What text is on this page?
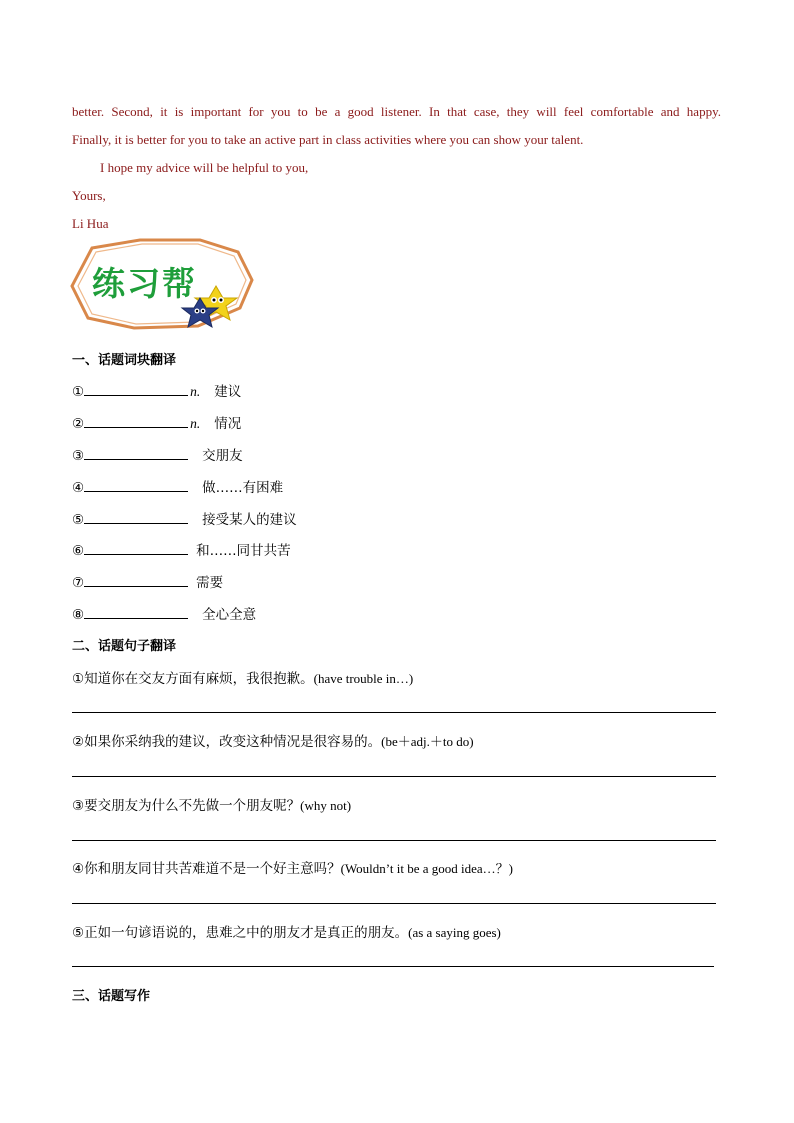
better. Second, it is important for you to be a good listener. In that case, they will feel comfortable and happy.
Finally, it is better for you to take an active part in class activities where you can show your talent.
I hope my advice will be helpful to you,
Yours,
Li Hua
练习帮
一、话题词块翻译
①	n. 建议
②	n. 情况
③	交朋友
④	做……有困难
⑤	接受某人的建议
⑥	和……同甘共苦
⑦	需要
⑧	全心全意
二、话题句子翻译
①知道你在交友方面有麻烦，我很抱歉。(have trouble in…)
②如果你采纳我的建议，改变这种情况是很容易的。(be＋adj.＋to do)
③要交朋友为什么不先做一个朋友呢？(why not)
④你和朋友同甘共苦难道不是一个好主意吗？(Wouldn’t it be a good idea…？)
⑤正如一句谚语说的，患难之中的朋友才是真正的朋友。(as a saying goes)
三、话题写作
